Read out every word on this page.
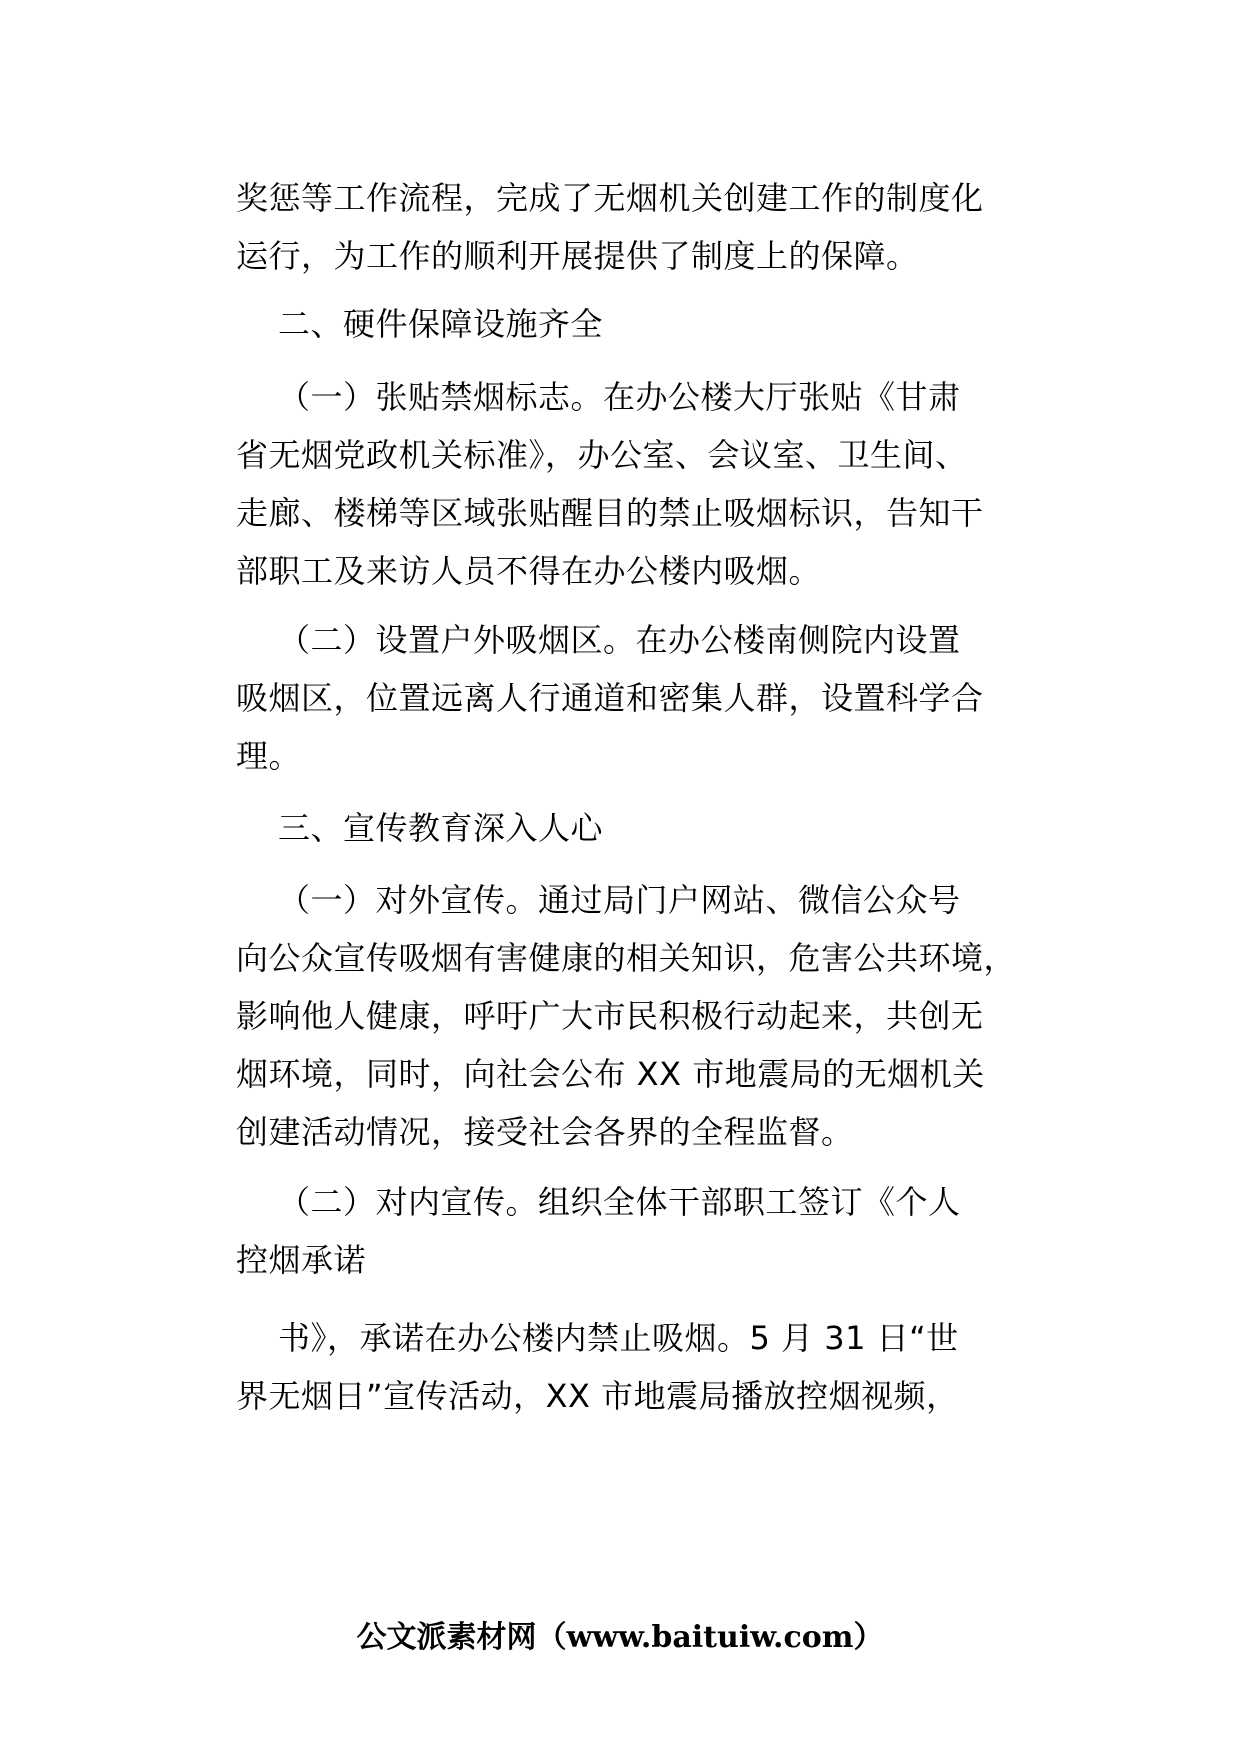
奖惩等工作流程，完成了无烟机关创建工作的制度化
运行，为工作的顺利开展提供了制度上的保障。
二、硬件保障设施齐全
（一）张贴禁烟标志。在办公楼大厅张贴《甘肃
省无烟党政机关标准》，办公室、会议室、卫生间、
走廊、楼梯等区域张贴醒目的禁止吸烟标识，告知干
部职工及来访人员不得在办公楼内吸烟。
（二）设置户外吸烟区。在办公楼南侧院内设置
吸烟区，位置远离人行通道和密集人群，设置科学合
理。
三、宣传教育深入人心
（一）对外宣传。通过局门户网站、微信公众号
向公众宣传吸烟有害健康的相关知识，危害公共环境，
影响他人健康，呼吁广大市民积极行动起来，共创无
烟环境，同时，向社会公布 XX 市地震局的无烟机关
创建活动情况，接受社会各界的全程监督。
（二）对内宣传。组织全体干部职工签订《个人
控烟承诺
书》，承诺在办公楼内禁止吸烟。5 月 31 日“世
界无烟日”宣传活动，XX 市地震局播放控烟视频，
公文派素材网（www.baituiw.com）
